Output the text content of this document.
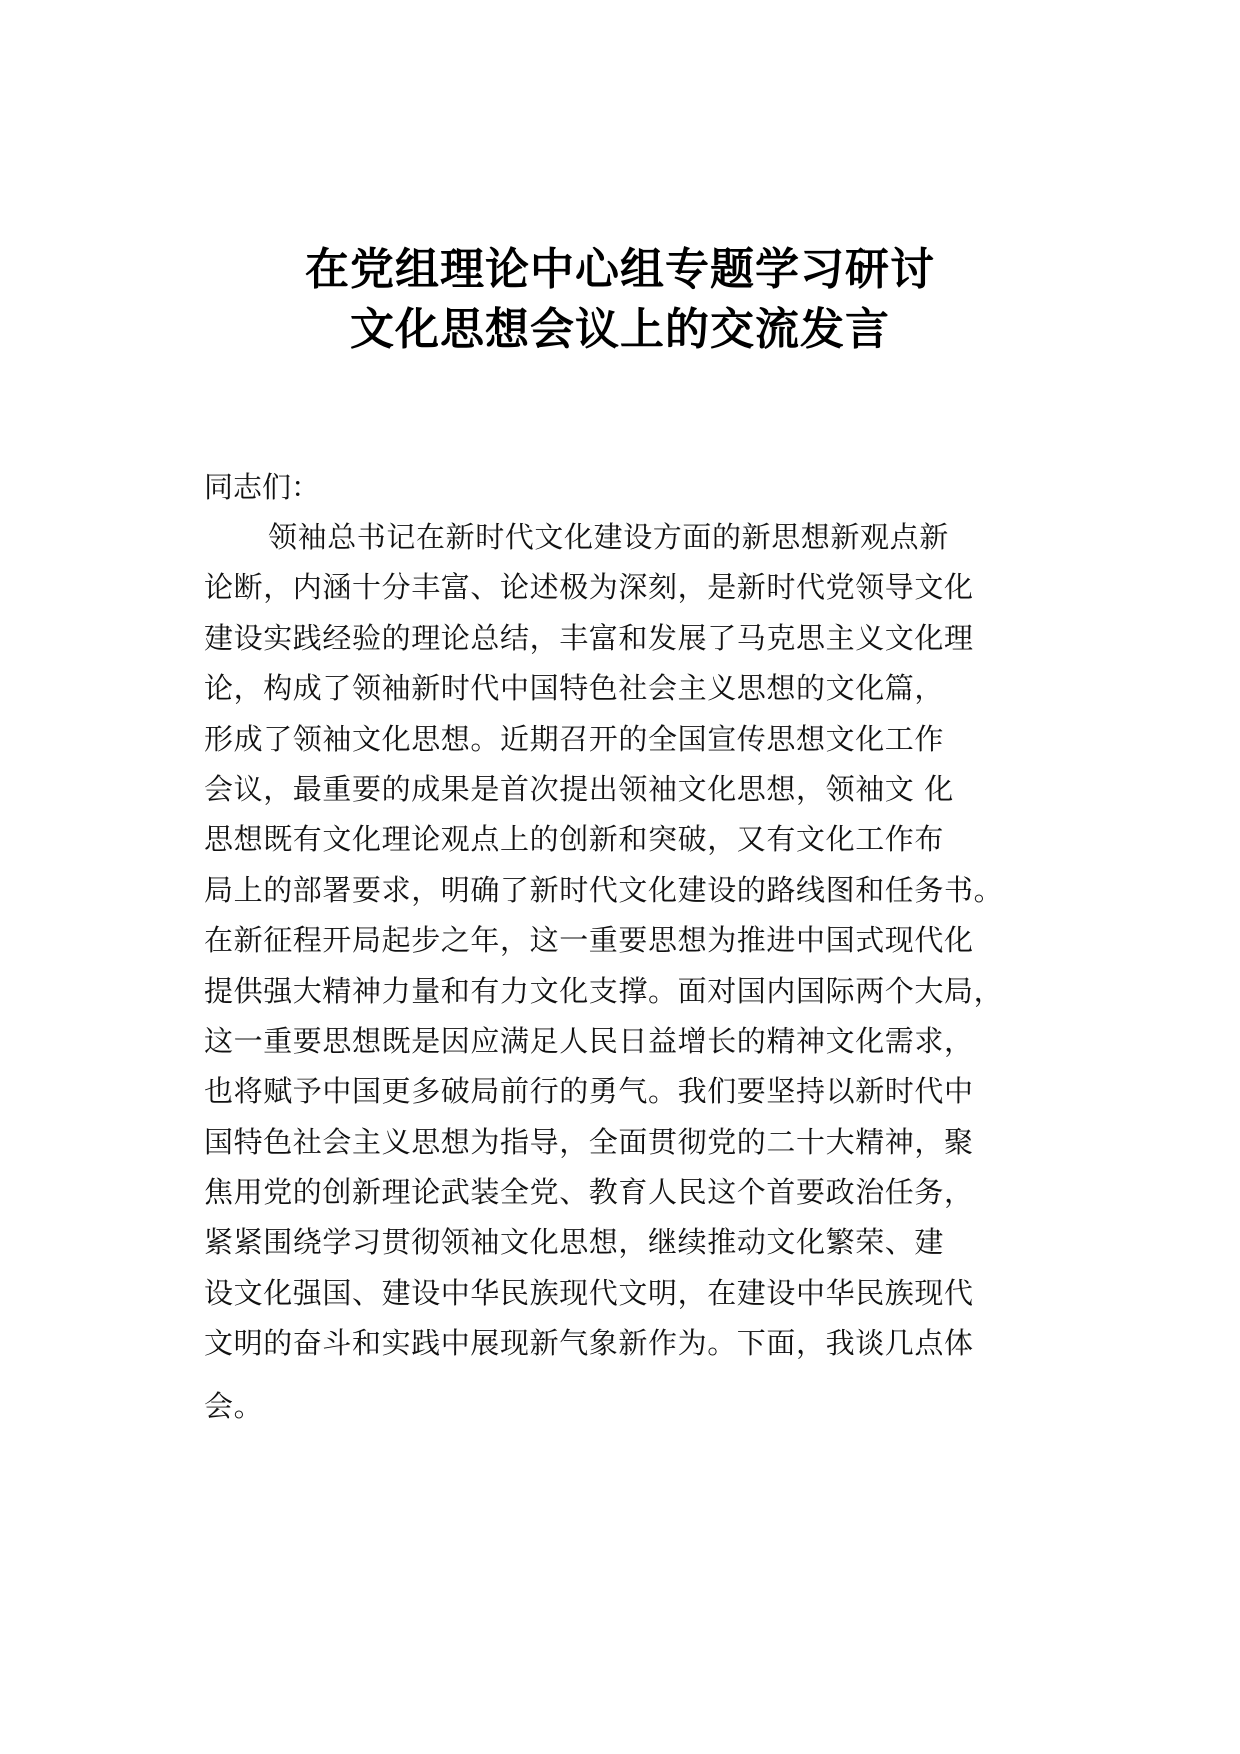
在党组理论中心组专题学习研讨
文化思想会议上的交流发言
同志们：
领袖总书记在新时代文化建设方面的新思想新观点新
论断，内涵十分丰富、论述极为深刻，是新时代党领导文化
建设实践经验的理论总结，丰富和发展了马克思主义文化理
论，构成了领袖新时代中国特色社会主义思想的文化篇，
形成了领袖文化思想。近期召开的全国宣传思想文化工作
会议，最重要的成果是首次提出领袖文化思想，领袖文 化
思想既有文化理论观点上的创新和突破，又有文化工作布
局上的部署要求，明确了新时代文化建设的路线图和任务书。
在新征程开局起步之年，这一重要思想为推进中国式现代化
提供强大精神力量和有力文化支撑。面对国内国际两个大局，
这一重要思想既是因应满足人民日益增长的精神文化需求，
也将赋予中国更多破局前行的勇气。我们要坚持以新时代中
国特色社会主义思想为指导，全面贯彻党的二十大精神，聚
焦用党的创新理论武装全党、教育人民这个首要政治任务，
紧紧围绕学习贯彻领袖文化思想，继续推动文化繁荣、建
设文化强国、建设中华民族现代文明，在建设中华民族现代
文明的奋斗和实践中展现新气象新作为。下面，我谈几点体
会。
